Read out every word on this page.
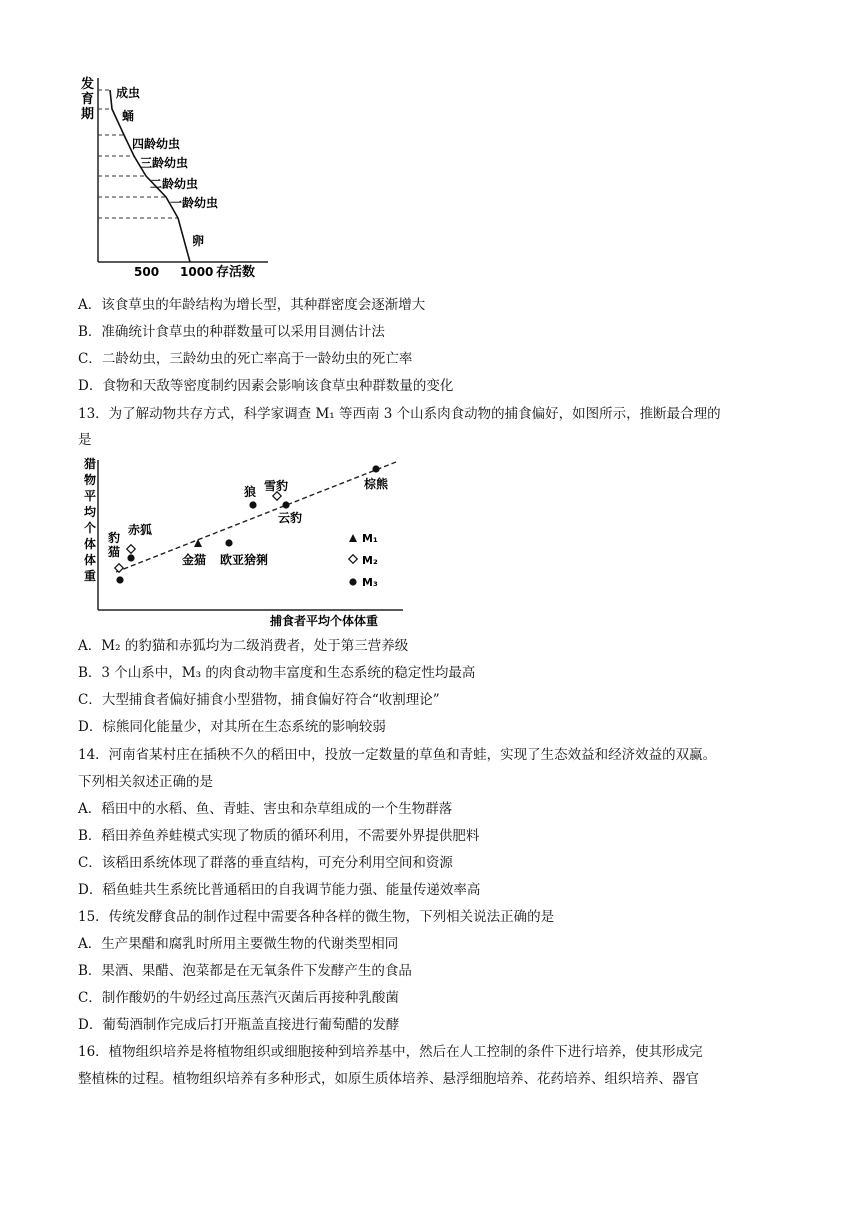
发育期
500 1000 存活数
成虫
蛹
四龄幼虫
三龄幼虫
二龄幼虫
一龄幼虫
卵
A．该食草虫的年龄结构为增长型，其种群密度会逐渐增大
B．准确统计食草虫的种群数量可以采用目测估计法
C．二龄幼虫，三龄幼虫的死亡率高于一龄幼虫的死亡率
D．食物和天敌等密度制约因素会影响该食草虫种群数量的变化
13．为了解动物共存方式，科学家调查 M₁ 等西南 3 个山系肉食动物的捕食偏好，如图所示，推断最合理的
是
猎物平均个体体重
豹猫
赤狐
金猫 欧亚猞猁
狼 雪豹
云豹
棕熊
M₁
M₂
M₃
捕食者平均个体体重
A．M₂ 的豹猫和赤狐均为二级消费者，处于第三营养级
B．3 个山系中，M₃ 的肉食动物丰富度和生态系统的稳定性均最高
C．大型捕食者偏好捕食小型猎物，捕食偏好符合“收割理论”
D．棕熊同化能量少，对其所在生态系统的影响较弱
14．河南省某村庄在插秧不久的稻田中，投放一定数量的草鱼和青蛙，实现了生态效益和经济效益的双赢。
下列相关叙述正确的是
A．稻田中的水稻、鱼、青蛙、害虫和杂草组成的一个生物群落
B．稻田养鱼养蛙模式实现了物质的循环利用，不需要外界提供肥料
C．该稻田系统体现了群落的垂直结构，可充分利用空间和资源
D．稻鱼蛙共生系统比普通稻田的自我调节能力强、能量传递效率高
15．传统发酵食品的制作过程中需要各种各样的微生物，下列相关说法正确的是
A．生产果醋和腐乳时所用主要微生物的代谢类型相同
B．果酒、果醋、泡菜都是在无氧条件下发酵产生的食品
C．制作酸奶的牛奶经过高压蒸汽灭菌后再接种乳酸菌
D．葡萄酒制作完成后打开瓶盖直接进行葡萄醋的发酵
16．植物组织培养是将植物组织或细胞接种到培养基中，然后在人工控制的条件下进行培养，使其形成完
整植株的过程。植物组织培养有多种形式，如原生质体培养、悬浮细胞培养、花药培养、组织培养、器官
